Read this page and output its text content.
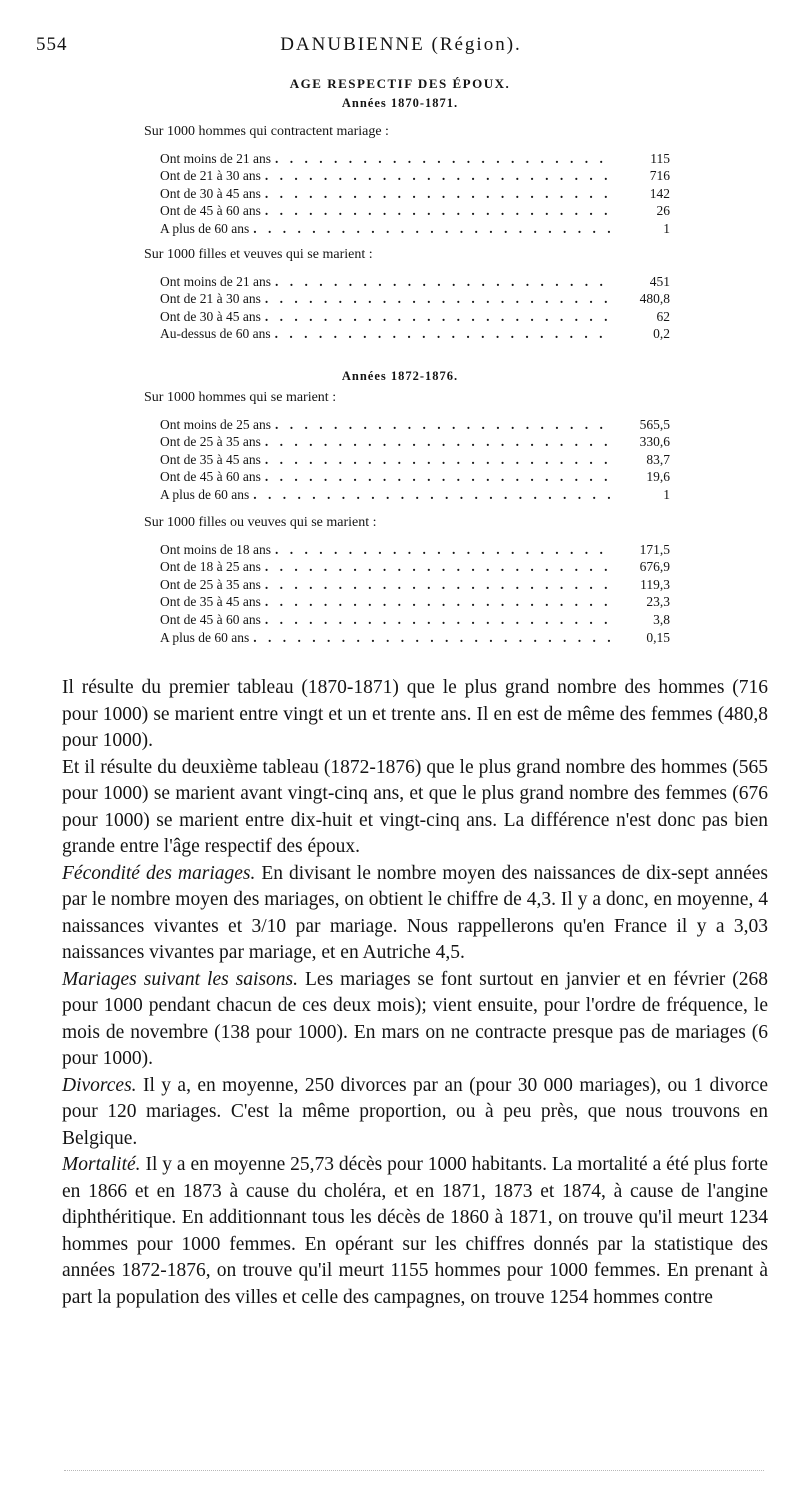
554	DANUBIENNE (Région).
AGE RESPECTIF DES ÉPOUX.
Années 1870-1871.
Sur 1000 hommes qui contractent mariage :
Ont moins de 21 ans . . .	115
Ont de 21 à 30 ans . . .	716
Ont de 30 à 45 ans . . .	142
Ont de 45 à 60 ans . . .	26
A plus de 60 ans . . .	1
Sur 1000 filles et veuves qui se marient :
Ont moins de 21 ans . . .	451
Ont de 21 à 30 ans . . .	480,8
Ont de 30 à 45 ans . . .	62
Au-dessus de 60 ans . . .	0,2
Années 1872-1876.
Sur 1000 hommes qui se marient :
Ont moins de 25 ans . . .	565,5
Ont de 25 à 35 ans . . .	330,6
Ont de 35 à 45 ans . . .	83,7
Ont de 45 à 60 ans . . .	19,6
A plus de 60 ans . . .	1
Sur 1000 filles ou veuves qui se marient :
Ont moins de 18 ans . . .	171,5
Ont de 18 à 25 ans . . .	676,9
Ont de 25 à 35 ans . . .	119,3
Ont de 35 à 45 ans . . .	23,3
Ont de 45 à 60 ans . . .	3,8
A plus de 60 ans . . .	0,15

Il résulte du premier tableau (1870-1871) que le plus grand nombre des hommes (716 pour 1000) se marient entre vingt et un et trente ans. Il en est de même des femmes (480,8 pour 1000).

Et il résulte du deuxième tableau (1872-1876) que le plus grand nombre des hommes (565 pour 1000) se marient avant vingt-cinq ans, et que le plus grand nombre des femmes (676 pour 1000) se marient entre dix-huit et vingt-cinq ans. La différence n'est donc pas bien grande entre l'âge respectif des époux.

Fécondité des mariages. En divisant le nombre moyen des naissances de dix-sept années par le nombre moyen des mariages, on obtient le chiffre de 4,3. Il y a donc, en moyenne, 4 naissances vivantes et 3/10 par mariage. Nous rappellerons qu'en France il y a 3,03 naissances vivantes par mariage, et en Autriche 4,5.

Mariages suivant les saisons. Les mariages se font surtout en janvier et en février (268 pour 1000 pendant chacun de ces deux mois); vient ensuite, pour l'ordre de fréquence, le mois de novembre (138 pour 1000). En mars on ne contracte presque pas de mariages (6 pour 1000).

Divorces. Il y a, en moyenne, 250 divorces par an (pour 30 000 mariages), ou 1 divorce pour 120 mariages. C'est la même proportion, ou à peu près, que nous trouvons en Belgique.

Mortalité. Il y a en moyenne 25,73 décès pour 1000 habitants. La mortalité a été plus forte en 1866 et en 1873 à cause du choléra, et en 1871, 1873 et 1874, à cause de l'angine diphthéritique. En additionnant tous les décès de 1860 à 1871, on trouve qu'il meurt 1234 hommes pour 1000 femmes. En opérant sur les chiffres donnés par la statistique des années 1872-1876, on trouve qu'il meurt 1155 hommes pour 1000 femmes. En prenant à part la population des villes et celle des campagnes, on trouve 1254 hommes contre
